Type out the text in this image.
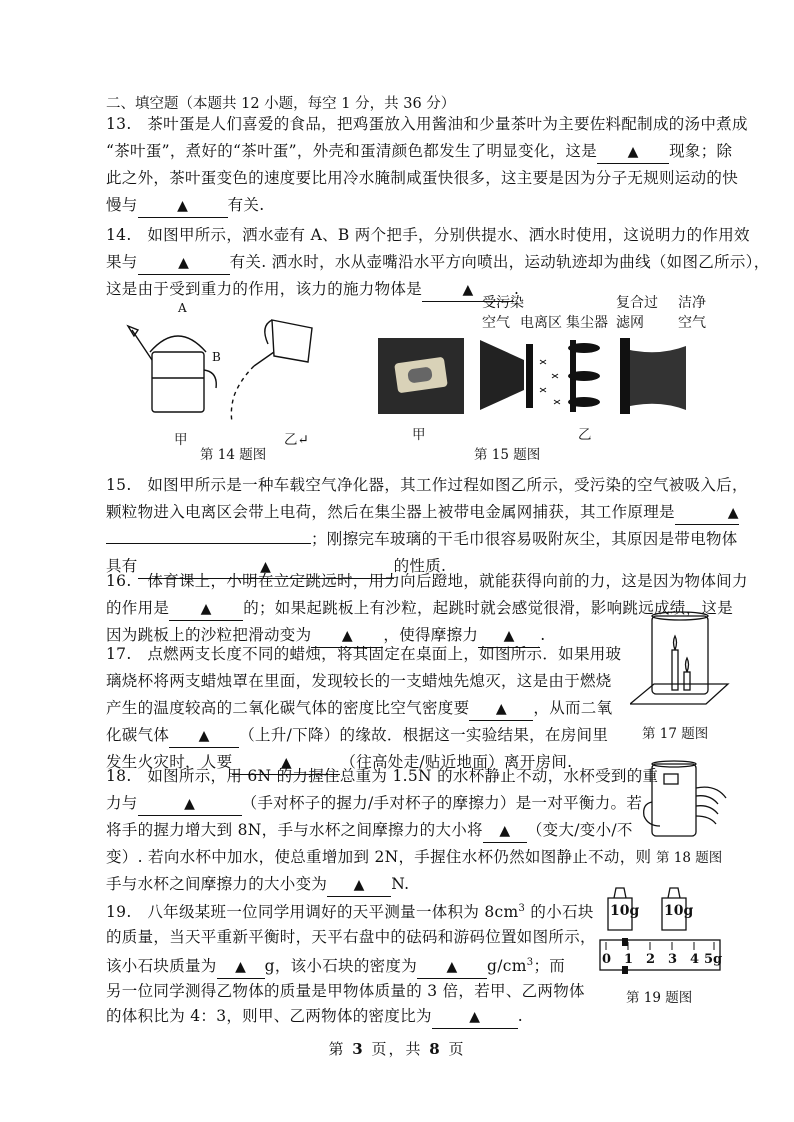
二、填空题（本题共 12 小题，每空 1 分，共 36 分）
13.　茶叶蛋是人们喜爱的食品，把鸡蛋放入用酱油和少量茶叶为主要佐料配制成的汤中煮成
“茶叶蛋”，煮好的“茶叶蛋”，外壳和蛋清颜色都发生了明显变化，这是 ▲ 现象；除
此之外，茶叶蛋变色的速度要比用冷水腌制咸蛋快很多，这主要是因为分子无规则运动的快
慢与	▲	有关.
14.　如图甲所示，洒水壶有 A、B 两个把手，分别供提水、洒水时使用，这说明力的作用效
果与	▲	有关. 洒水时，水从壶嘴沿水平方向喷出，运动轨迹却为曲线（如图乙所示），
这是由于受到重力的作用，该力的施力物体是	▲	.
A
B
甲	乙↵
第 14 题图
受污染
空气 电离区 集尘器
复合过
滤网
洁净
空气
甲	乙
第 15 题图
15.　如图甲所示是一种车载空气净化器，其工作过程如图乙所示，受污染的空气被吸入后，
颗粒物进入电离区会带上电荷，然后在集尘器上被带电金属网捕获，其工作原理是	▲
；刚擦完车玻璃的干毛巾很容易吸附灰尘，其原因是带电物体
具有	▲	的性质.
16.　体育课上，小明在立定跳远时，用力向后蹬地，就能获得向前的力，这是因为物体间力
的作用是 ▲ 的；如果起跳板上有沙粒，起跳时就会感觉很滑，影响跳远成绩，这是
因为跳板上的沙粒把滑动变为 ▲ ，使得摩擦力 ▲ .
17.　点燃两支长度不同的蜡烛，将其固定在桌面上，如图所示．如果用玻
璃烧杯将两支蜡烛罩在里面，发现较长的一支蜡烛先熄灭，这是由于燃烧
产生的温度较高的二氧化碳气体的密度比空气密度要 ▲ ，从而二氧
化碳气体 ▲ （上升/下降）的缘故．根据这一实验结果，在房间里
发生火灾时，人要	▲	（往高处走/贴近地面）离开房间.
第 17 题图
18.　如图所示，用 6N 的力握住总重为 1.5N 的水杯静止不动，水杯受到的重
力与	▲	（手对杯子的握力/手对杯子的摩擦力）是一对平衡力。若
将手的握力增大到 8N，手与水杯之间摩擦力的大小将 ▲ （变大/变小/不
变）. 若向水杯中加水，使总重增加到 2N，手握住水杯仍然如图静止不动，则
手与水杯之间摩擦力的大小变为 ▲ N.
第 18 题图
19.　八年级某班一位同学用调好的天平测量一体积为 $8cm^3$ 的小石块
的质量，当天平重新平衡时，天平右盘中的砝码和游码位置如图所示，
该小石块质量为 ▲ g，该小石块的密度为 ▲ $g/cm^3$；而
另一位同学测得乙物体的质量是甲物体质量的 3 倍，若甲、乙两物体
的体积比为 4：3，则甲、乙两物体的密度比为	▲ .
10g 10g
0 1 2 3 4 5g
第 19 题图
第 3 页，共 8 页
